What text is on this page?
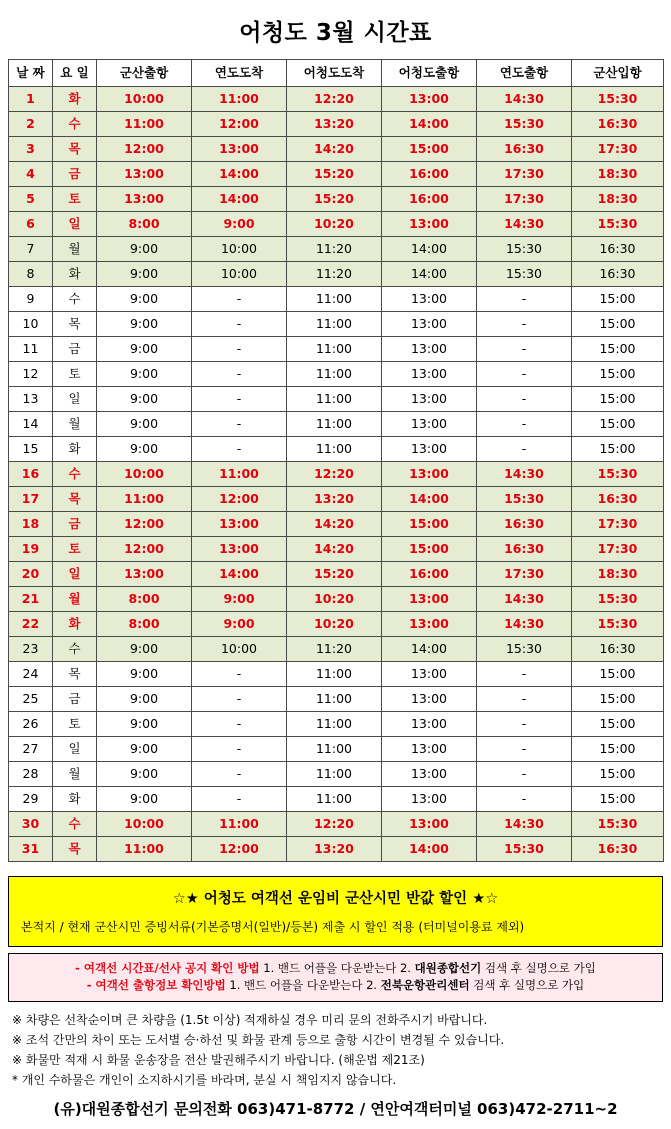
어청도 3월 시간표
날 짜	요 일	군산출항	연도도착	어청도도착	어청도출항	연도출항	군산입항
1	화	10:00	11:00	12:20	13:00	14:30	15:30
2	수	11:00	12:00	13:20	14:00	15:30	16:30
3	목	12:00	13:00	14:20	15:00	16:30	17:30
4	금	13:00	14:00	15:20	16:00	17:30	18:30
5	토	13:00	14:00	15:20	16:00	17:30	18:30
6	일	8:00	9:00	10:20	13:00	14:30	15:30
7	월	9:00	10:00	11:20	14:00	15:30	16:30
8	화	9:00	10:00	11:20	14:00	15:30	16:30
9	수	9:00	-	11:00	13:00	-	15:00
10	목	9:00	-	11:00	13:00	-	15:00
11	금	9:00	-	11:00	13:00	-	15:00
12	토	9:00	-	11:00	13:00	-	15:00
13	일	9:00	-	11:00	13:00	-	15:00
14	월	9:00	-	11:00	13:00	-	15:00
15	화	9:00	-	11:00	13:00	-	15:00
16	수	10:00	11:00	12:20	13:00	14:30	15:30
17	목	11:00	12:00	13:20	14:00	15:30	16:30
18	금	12:00	13:00	14:20	15:00	16:30	17:30
19	토	12:00	13:00	14:20	15:00	16:30	17:30
20	일	13:00	14:00	15:20	16:00	17:30	18:30
21	월	8:00	9:00	10:20	13:00	14:30	15:30
22	화	8:00	9:00	10:20	13:00	14:30	15:30
23	수	9:00	10:00	11:20	14:00	15:30	16:30
24	목	9:00	-	11:00	13:00	-	15:00
25	금	9:00	-	11:00	13:00	-	15:00
26	토	9:00	-	11:00	13:00	-	15:00
27	일	9:00	-	11:00	13:00	-	15:00
28	월	9:00	-	11:00	13:00	-	15:00
29	화	9:00	-	11:00	13:00	-	15:00
30	수	10:00	11:00	12:20	13:00	14:30	15:30
31	목	11:00	12:00	13:20	14:00	15:30	16:30
☆★ 어청도 여객선 운임비 군산시민 반값 할인 ★☆
본적지 / 현재 군산시민 증빙서류(기본증명서(일반)/등본) 제출 시 할인 적용 (터미널이용료 제외)
- 여객선 시간표/선사 공지 확인 방법 1. 밴드 어플을 다운받는다 2. 대원종합선기 검색 후 실명으로 가입
- 여객선 출항정보 확인방법 1. 밴드 어플을 다운받는다 2. 전북운항관리센터 검색 후 실명으로 가입
※ 차량은 선착순이며 큰 차량을 (1.5t 이상) 적재하실 경우 미리 문의 전화주시기 바랍니다.
※ 조석 간만의 차이 또는 도서별 승·하선 및 화물 관계 등으로 출항 시간이 변경될 수 있습니다.
※ 화물만 적재 시 화물 운송장을 전산 발권해주시기 바랍니다. (해운법 제21조)
* 개인 수하물은 개인이 소지하시기를 바라며, 분실 시 책임지지 않습니다.
(유)대원종합선기 문의전화 063)471-8772 / 연안여객터미널 063)472-2711~2
